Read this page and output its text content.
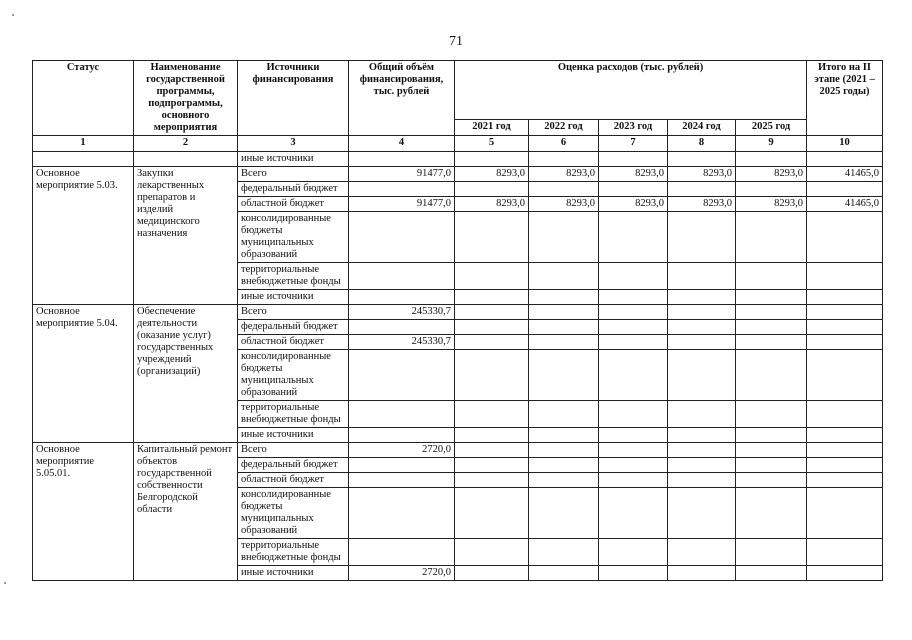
71
Статус	Наименование государственной программы, подпрограммы, основного мероприятия	Источники финансирования	Общий объём финансирования, тыс. рублей	Оценка расходов (тыс. рублей)					Итого на II этапе (2021 – 2025 годы)
				2021 год	2022 год	2023 год	2024 год	2025 год	
1	2	3	4	5	6	7	8	9	10
		иные источники							
Основное мероприятие 5.03.	Закупки лекарственных препаратов и изделий медицинского назначения	Всего	91477,0	8293,0	8293,0	8293,0	8293,0	8293,0	41465,0
		федеральный бюджет							
		областной бюджет	91477,0	8293,0	8293,0	8293,0	8293,0	8293,0	41465,0
		консолидированные бюджеты муниципальных образований							
		территориальные внебюджетные фонды							
		иные источники							
Основное мероприятие 5.04.	Обеспечение деятельности (оказание услуг) государственных учреждений (организаций)	Всего	245330,7						
		федеральный бюджет							
		областной бюджет	245330,7						
		консолидированные бюджеты муниципальных образований							
		территориальные внебюджетные фонды							
		иные источники							
Основное мероприятие 5.05.01.	Капитальный ремонт объектов государственной собственности Белгородской области	Всего	2720,0						
		федеральный бюджет							
		областной бюджет							
		консолидированные бюджеты муниципальных образований							
		территориальные внебюджетные фонды							
		иные источники	2720,0						
